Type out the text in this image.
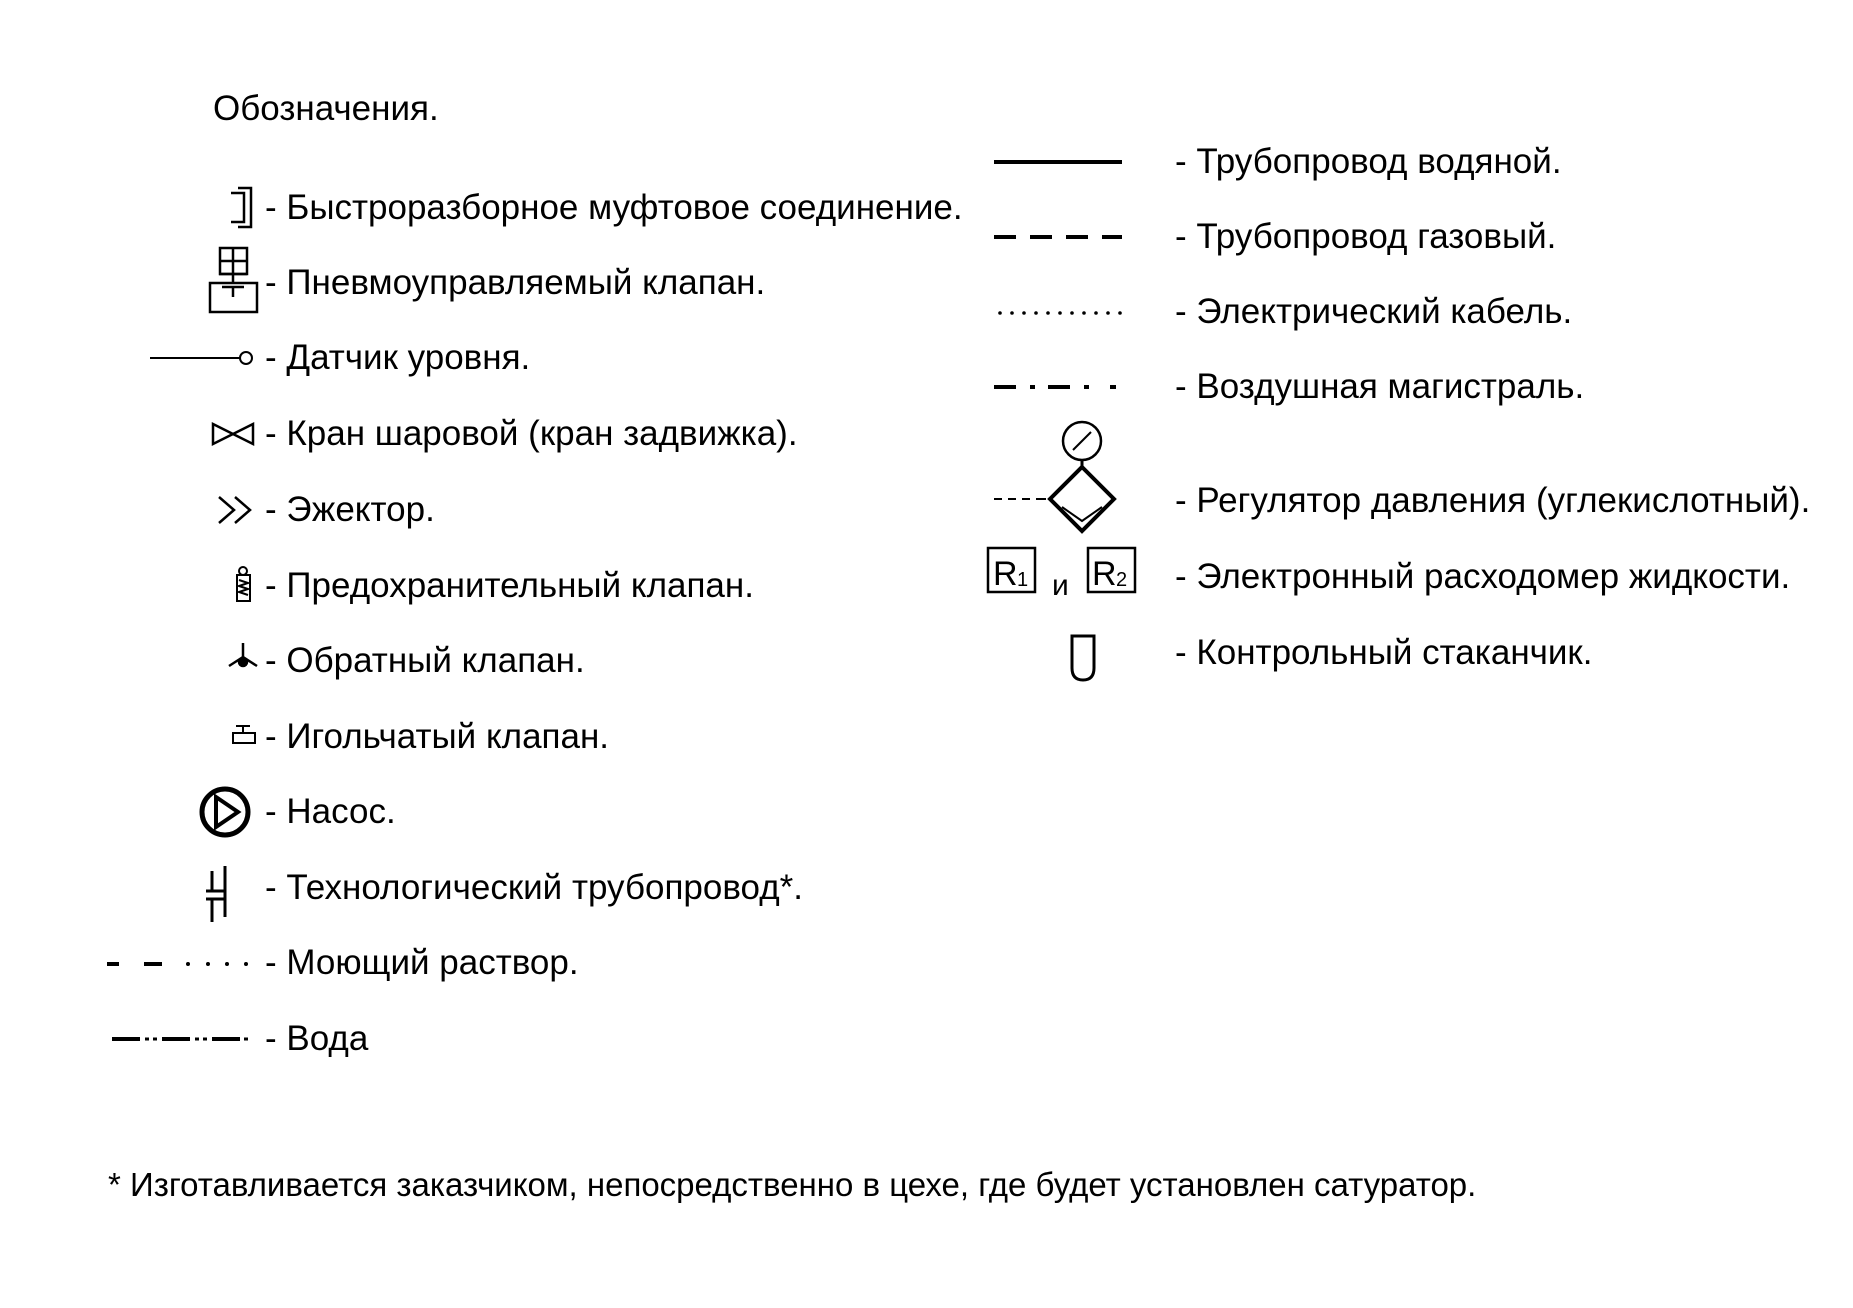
Обозначения.
- Быстроразборное муфтовое соединение.
- Пневмоуправляемый клапан.
- Датчик уровня.
- Кран шаровой (кран задвижка).
- Эжектор.
- Предохранительный клапан.
- Обратный клапан.
- Игольчатый клапан.
- Насос.
- Технологический трубопровод*.
- Моющий раствор.
- Вода
- Трубопровод водяной.
- Трубопровод газовый.
- Электрический кабель.
- Воздушная магистраль.
- Регулятор давления (углекислотный).
- Электронный расходомер жидкости.
- Контрольный стаканчик.
* Изготавливается заказчиком, непосредственно в цехе, где будет установлен сатуратор.
R 1 и R 2
